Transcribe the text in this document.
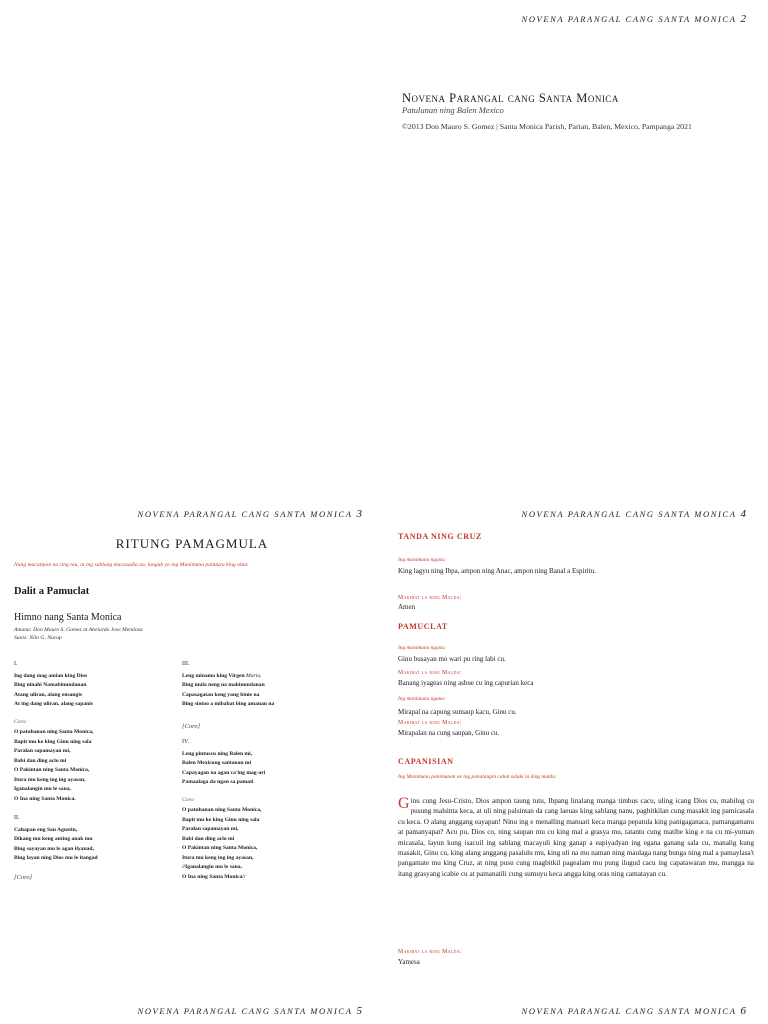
NOVENA PARANGAL CANG SANTA MONICA 2
Novena Parangal cang Santa Monica
Patulunan ning Balen Mexico
©2013 Don Mauro S. Gomez | Santa Monica Parish, Parian, Balen, Mexico, Pampanga 2021
NOVENA PARANGAL CANG SANTA MONICA 3
RITUNG PAMAGMULA
Nung macatipon na ring tau, at ing sablang macasadia na, lungub ya ing Manimuna paintura king altar.
Dalit a Pamuclat
Himno nang Santa Monica
Amanu: Don Mauro S. Gomez at Abelardo Jose Mendoza
Sunis: Nilo G. Nucup
I.
Ing dang mag amian king Dios
Bing ninahi Namabinundanan
Atang uliran, alang ensangis
At ing dang uliran, alang sapanis
Coro:
O patuhanan ning Santa Monica,
Ilapit mu ke king Ginu ning sala
Paralan sapamayan mi,
Babi dan ding aclo mi
O Pakintan ning Santa Monica,
Itura mu keng ing ing ayasan,
Iganalangin mu le sana,
O Ina ning Santa Monica.
II.
Cahapan eng San Agustin,
Dikang mu keng anting anak mu
Bing sayayan mu le agan ilyanad,
Bing layan ning Dios mu le itangad
[Coro]
III.
Leng minamo king Virgen Maria,
Bing mula neng na mabinundanan
Capasagatan keng yang binie na
Bing sintoo a mibabat bing amanan na
[Coro]
IV.
Leng pintuscu ning Balen mi,
Balen Mexicong santanan mi
Capayagan na agan ca'ing mag-ari
Pamaalaga da ngan sa pamati
Coro:
O patuhanan ning Santa Monica,
Ilapit mu ke king Ginu ning sala
Paralan sapamayan mi,
Babi dan ding aclo mi
O Pakintan ning Santa Monica,
Itura mu keng ing ing ayasan,
//Iganalangin mu le sana,
O Ina ning Santa Monica//
NOVENA PARANGAL CANG SANTA MONICA 5
NOVENA PARANGAL CANG SANTA MONICA 4
TANDA NING CRUZ
Ing manimuna ngana:
King lagyu ning Ibpa, ampon ning Anac, ampon ning Banal a Espiritu.
Makibat la ring Malda:
Amen
PAMUCLAT
Ing manimuna ngana:
Ginu busayan mo wari pu ring labi cu.
Makibat la ring Malda:
Banang iyageas ning asbue cu ing capurian keca
Ing manimuna ngana:
Mirapal na capung sumaup kacu, Ginu cu.
Makibat la ring Malda:
Mirapalan na cung saupan, Ginu cu.
CAPANISIAN
Ing Manimuna panimunan ne ing panalangin cabat saluki la ding malda:
Ginu cung Jesu-Cristo, Dios ampon taung tutu, Ibpang linalang manga timbus cacu, uling icang Dios cu, mabilug cu pusung malsinta keca, at uli ning palsintan da cang laeuas king sablang nanu, pagbitkilan cung masakit ing pamicasala cu keca. O alang anggang eayapan! Ninu ing e menalling manuari keca manga pepatula king panigaganaca, pamangamanu at pamanyapat? Acu pu, Dios co, ning saupan mu cu king mal a grasya mu, tatantu cung matibe king e na cu mi-yuman micasala, layun kung isacuil ing sablang macayuli king ganap a eapiyadyan ing egana ganang sala cu, manalig kung masakit, Ginu cu, king alang anggang pasalulu mu, king uli na mu naman ning maulaga nang bunga ning mal a pamaylasa't pangamate mu king Cruz, at ning pusu cung magbitkil pagealam mu pung ilugud cacu ing capatawaran mu, mangga na itang grasyang icabie cu at pamanatili cung sumuyu keca angga king oras ning camatayan cu.
Makibat la ring Malda:
Yamesa
NOVENA PARANGAL CANG SANTA MONICA 6
